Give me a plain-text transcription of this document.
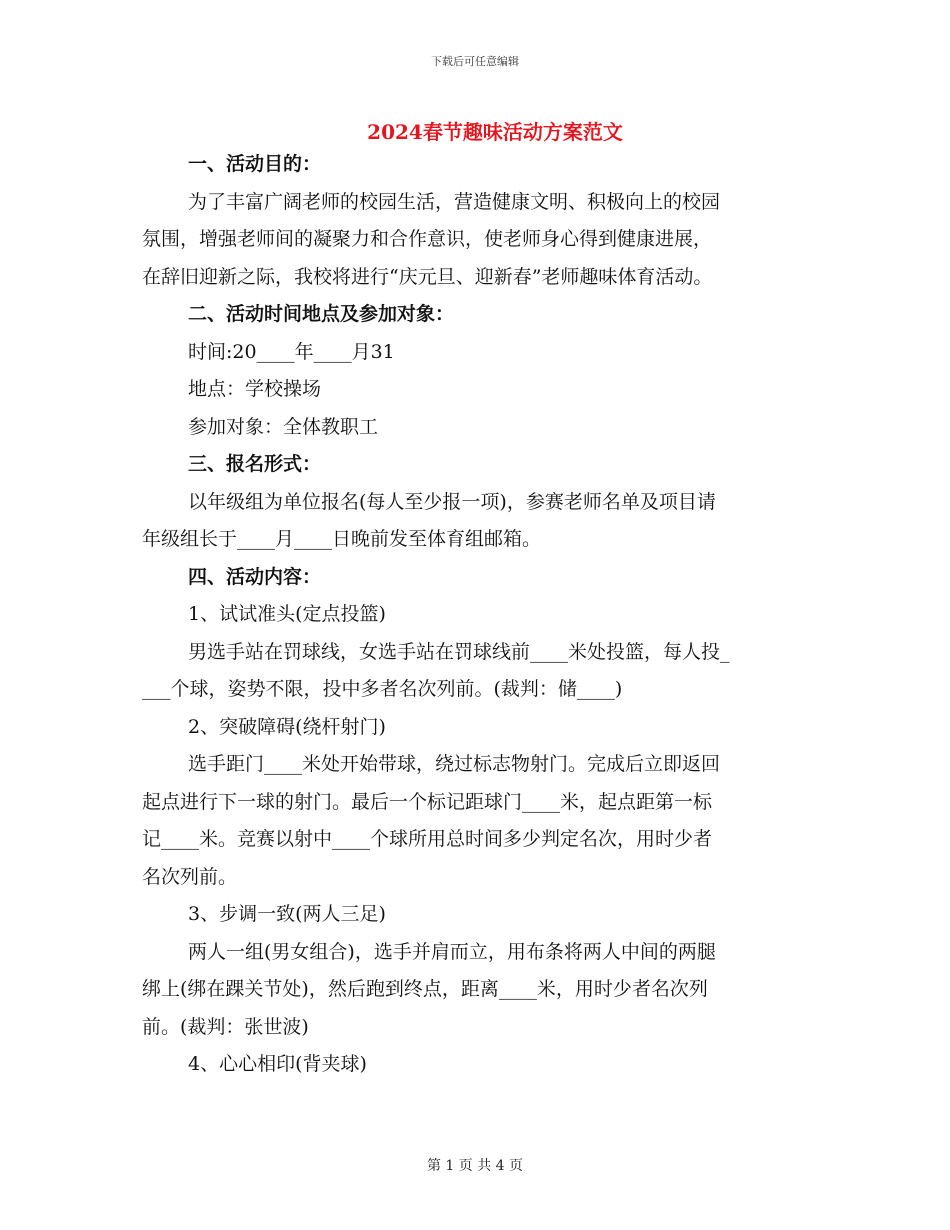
下载后可任意编辑
2024春节趣味活动方案范文
一、活动目的：
为了丰富广阔老师的校园生活，营造健康文明、积极向上的校园
氛围，增强老师间的凝聚力和合作意识，使老师身心得到健康进展，
在辞旧迎新之际，我校将进行“庆元旦、迎新春”老师趣味体育活动。
二、活动时间地点及参加对象：
时间:20____年____月31
地点：学校操场
参加对象：全体教职工
三、报名形式：
以年级组为单位报名(每人至少报一项)，参赛老师名单及项目请
年级组长于____月____日晚前发至体育组邮箱。
四、活动内容：
1、试试准头(定点投篮)
男选手站在罚球线，女选手站在罚球线前____米处投篮，每人投_
___个球，姿势不限，投中多者名次列前。(裁判：储____)
2、突破障碍(绕杆射门)
选手距门____米处开始带球，绕过标志物射门。完成后立即返回
起点进行下一球的射门。最后一个标记距球门____米，起点距第一标
记____米。竞赛以射中____个球所用总时间多少判定名次，用时少者
名次列前。
3、步调一致(两人三足)
两人一组(男女组合)，选手并肩而立，用布条将两人中间的两腿
绑上(绑在踝关节处)，然后跑到终点，距离____米，用时少者名次列
前。(裁判：张世波)
4、心心相印(背夹球)
第 1 页 共 4 页
